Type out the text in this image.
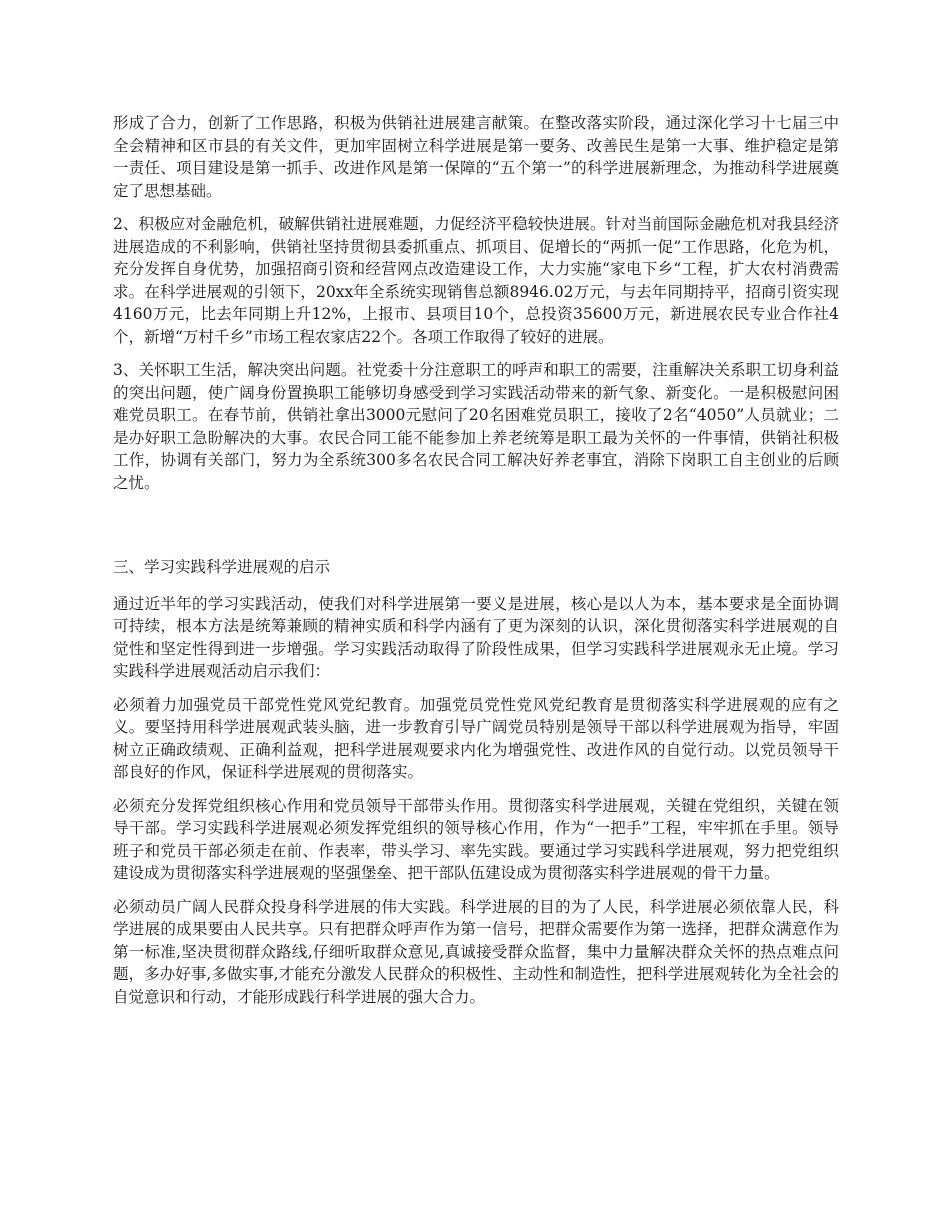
形成了合力，创新了工作思路，积极为供销社进展建言献策。在整改落实阶段，通过深化学习十七届三中全会精神和区市县的有关文件，更加牢固树立科学进展是第一要务、改善民生是第一大事、维护稳定是第一责任、项目建设是第一抓手、改进作风是第一保障的“五个第一”的科学进展新理念，为推动科学进展奠定了思想基础。

2、积极应对金融危机，破解供销社进展难题，力促经济平稳较快进展。针对当前国际金融危机对我县经济进展造成的不利影响，供销社坚持贯彻县委抓重点、抓项目、促增长的“两抓一促”工作思路，化危为机，充分发挥自身优势，加强招商引资和经营网点改造建设工作，大力实施“家电下乡“工程，扩大农村消费需求。在科学进展观的引领下，20xx年全系统实现销售总额8946.02万元，与去年同期持平，招商引资实现4160万元，比去年同期上升12%，上报市、县项目10个，总投资35600万元，新进展农民专业合作社4个，新增“万村千乡”市场工程农家店22个。各项工作取得了较好的进展。

3、关怀职工生活，解决突出问题。社党委十分注意职工的呼声和职工的需要，注重解决关系职工切身利益的突出问题，使广阔身份置换职工能够切身感受到学习实践活动带来的新气象、新变化。一是积极慰问困难党员职工。在春节前，供销社拿出3000元慰问了20名困难党员职工，接收了2名“4050”人员就业；二是办好职工急盼解决的大事。农民合同工能不能参加上养老统筹是职工最为关怀的一件事情，供销社积极工作，协调有关部门，努力为全系统300多名农民合同工解决好养老事宜，消除下岗职工自主创业的后顾之忧。

三、学习实践科学进展观的启示

通过近半年的学习实践活动，使我们对科学进展第一要义是进展，核心是以人为本，基本要求是全面协调可持续，根本方法是统筹兼顾的精神实质和科学内涵有了更为深刻的认识，深化贯彻落实科学进展观的自觉性和坚定性得到进一步增强。学习实践活动取得了阶段性成果，但学习实践科学进展观永无止境。学习实践科学进展观活动启示我们：

必须着力加强党员干部党性党风党纪教育。加强党员党性党风党纪教育是贯彻落实科学进展观的应有之义。要坚持用科学进展观武装头脑，进一步教育引导广阔党员特别是领导干部以科学进展观为指导，牢固树立正确政绩观、正确利益观，把科学进展观要求内化为增强党性、改进作风的自觉行动。以党员领导干部良好的作风，保证科学进展观的贯彻落实。

必须充分发挥党组织核心作用和党员领导干部带头作用。贯彻落实科学进展观，关键在党组织，关键在领导干部。学习实践科学进展观必须发挥党组织的领导核心作用，作为“一把手”工程，牢牢抓在手里。领导班子和党员干部必须走在前、作表率，带头学习、率先实践。要通过学习实践科学进展观，努力把党组织建设成为贯彻落实科学进展观的坚强堡垒、把干部队伍建设成为贯彻落实科学进展观的骨干力量。

必须动员广阔人民群众投身科学进展的伟大实践。科学进展的目的为了人民，科学进展必须依靠人民，科学进展的成果要由人民共享。只有把群众呼声作为第一信号，把群众需要作为第一选择，把群众满意作为第一标准,坚决贯彻群众路线,仔细听取群众意见,真诚接受群众监督，集中力量解决群众关怀的热点难点问题，多办好事,多做实事,才能充分激发人民群众的积极性、主动性和制造性，把科学进展观转化为全社会的自觉意识和行动，才能形成践行科学进展的强大合力。
